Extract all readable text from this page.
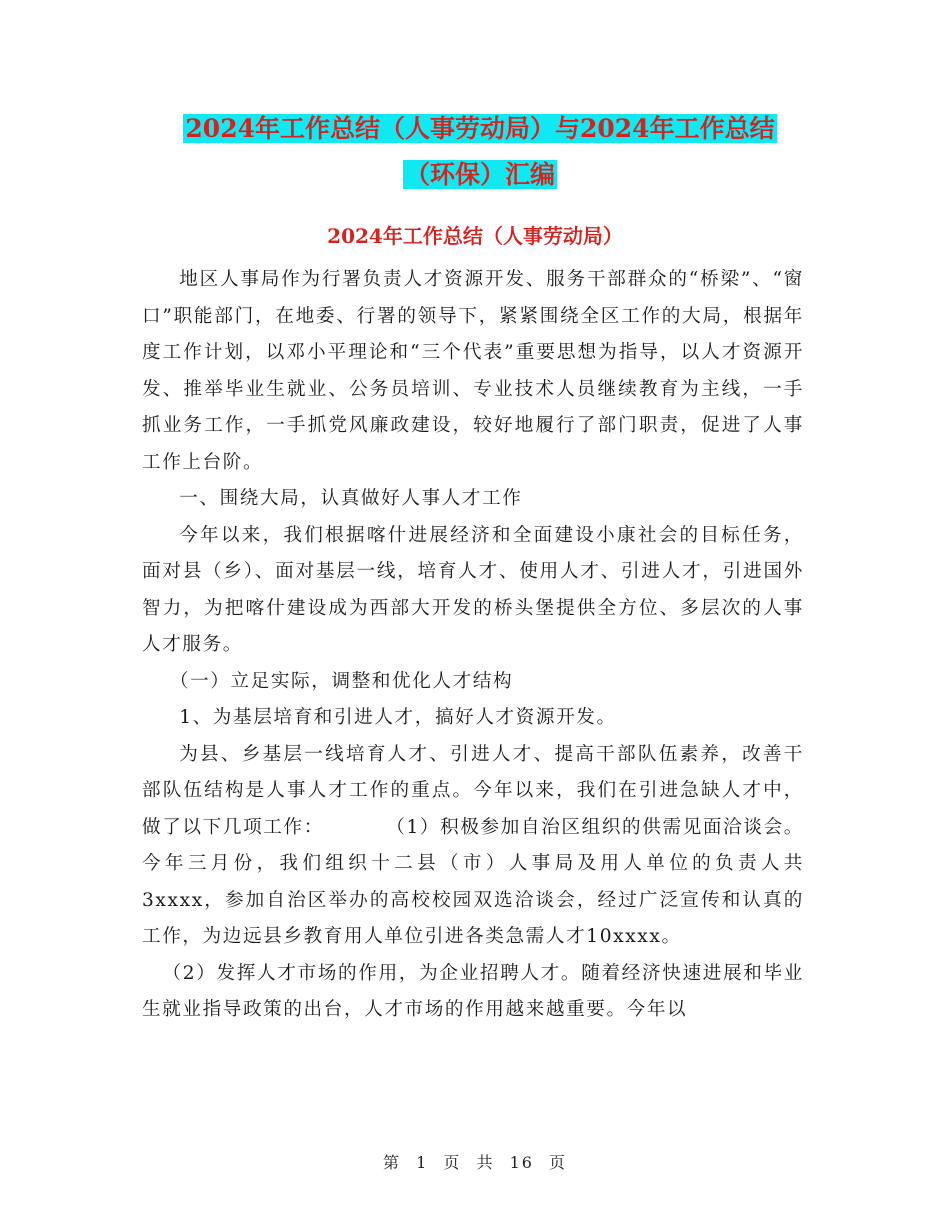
2024年工作总结（人事劳动局）与2024年工作总结
（环保）汇编
2024年工作总结（人事劳动局）

地区人事局作为行署负责人才资源开发、服务干部群众的“桥梁”、“窗口”职能部门，在地委、行署的领导下，紧紧围绕全区工作的大局，根据年度工作计划，以邓小平理论和“三个代表”重要思想为指导，以人才资源开发、推举毕业生就业、公务员培训、专业技术人员继续教育为主线，一手抓业务工作，一手抓党风廉政建设，较好地履行了部门职责，促进了人事工作上台阶。

一、围绕大局，认真做好人事人才工作

今年以来，我们根据喀什进展经济和全面建设小康社会的目标任务，面对县（乡）、面对基层一线，培育人才、使用人才、引进人才，引进国外智力，为把喀什建设成为西部大开发的桥头堡提供全方位、多层次的人事人才服务。

（一）立足实际，调整和优化人才结构

1、为基层培育和引进人才，搞好人才资源开发。

为县、乡基层一线培育人才、引进人才、提高干部队伍素养，改善干部队伍结构是人事人才工作的重点。今年以来，我们在引进急缺人才中，做了以下几项工作：　　　　（1）积极参加自治区组织的供需见面洽谈会。今年三月份，我们组织十二县（市）人事局及用人单位的负责人共3xxxx，参加自治区举办的高校校园双选洽谈会，经过广泛宣传和认真的工作，为边远县乡教育用人单位引进各类急需人才10xxxx。

（2）发挥人才市场的作用，为企业招聘人才。随着经济快速进展和毕业生就业指导政策的出台，人才市场的作用越来越重要。今年以

第 1 页 共 16 页
